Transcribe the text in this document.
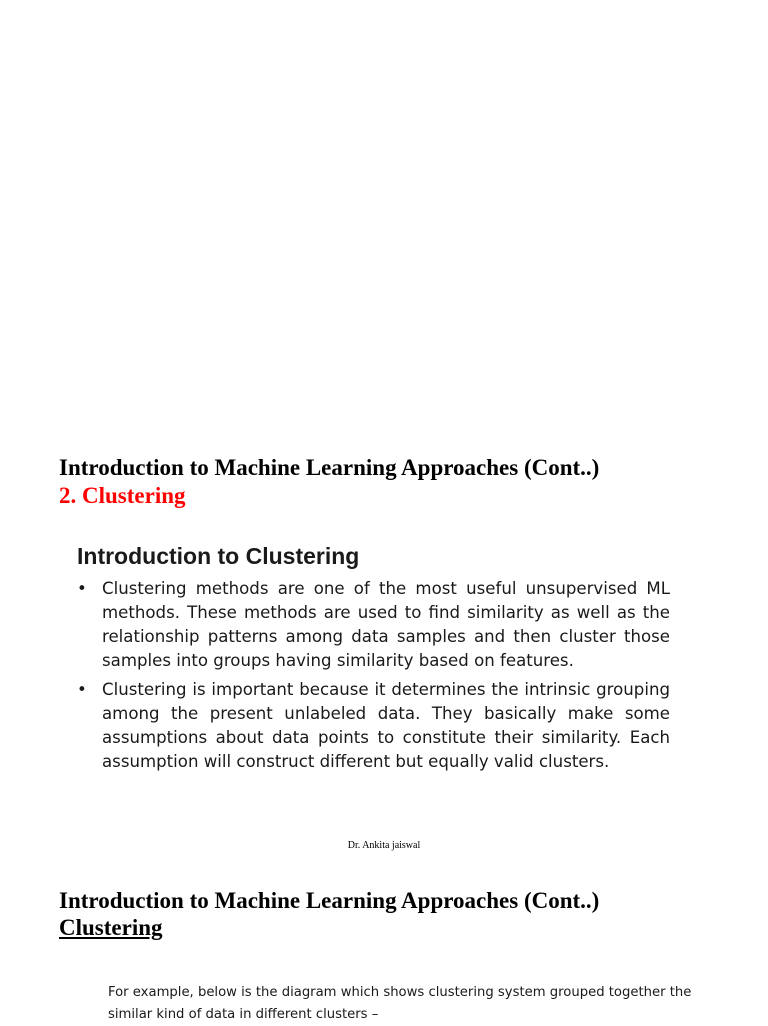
Introduction to Machine Learning Approaches (Cont..)
2. Clustering
Introduction to Clustering
• Clustering methods are one of the most useful unsupervised ML methods. These methods are used to find similarity as well as the relationship patterns among data samples and then cluster those samples into groups having similarity based on features.
• Clustering is important because it determines the intrinsic grouping among the present unlabeled data. They basically make some assumptions about data points to constitute their similarity. Each assumption will construct different but equally valid clusters.
Dr. Ankita jaiswal
Introduction to Machine Learning Approaches (Cont..)
Clustering

For example, below is the diagram which shows clustering system grouped together the similar kind of data in different clusters –
